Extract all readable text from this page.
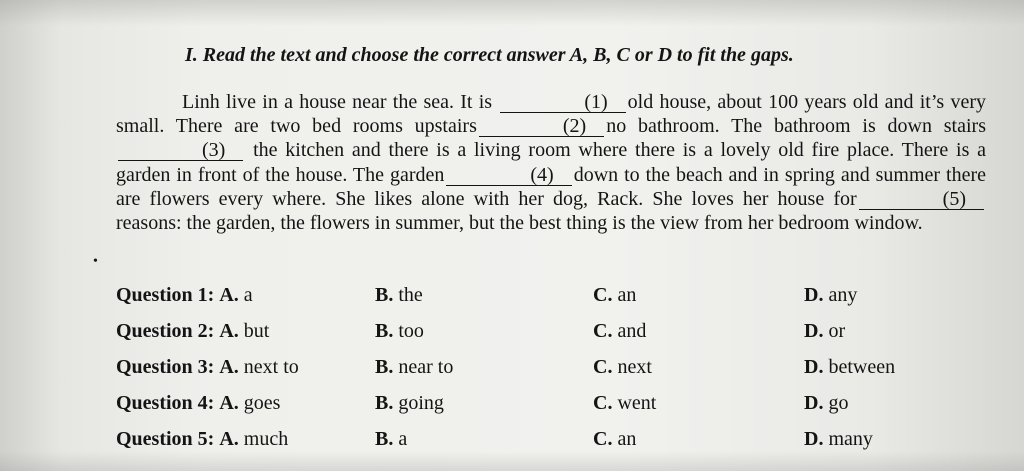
I. Read the text and choose the correct answer A, B, C or D to fit the gaps.

Linh live in a house near the sea. It is	(1) old house, about 100 years old and it’s very small. There are two bed rooms upstairs	(2) no bathroom. The bathroom is down stairs (3) the kitchen and there is a living room where there is a lovely old fire place. There is a garden in front of the house. The garden	(4) down to the beach and in spring and summer there are flowers every where. She likes alone with her dog, Rack. She loves her house for	(5) reasons: the garden, the flowers in summer, but the best thing is the view from her bedroom window.

•
Question 1: A. a	B. the	C. an	D. any
Question 2: A. but	B. too	C. and	D. or
Question 3: A. next to	B. near to	C. next	D. between
Question 4: A. goes	B. going	C. went	D. go
Question 5: A. much	B. a	C. an	D. many
